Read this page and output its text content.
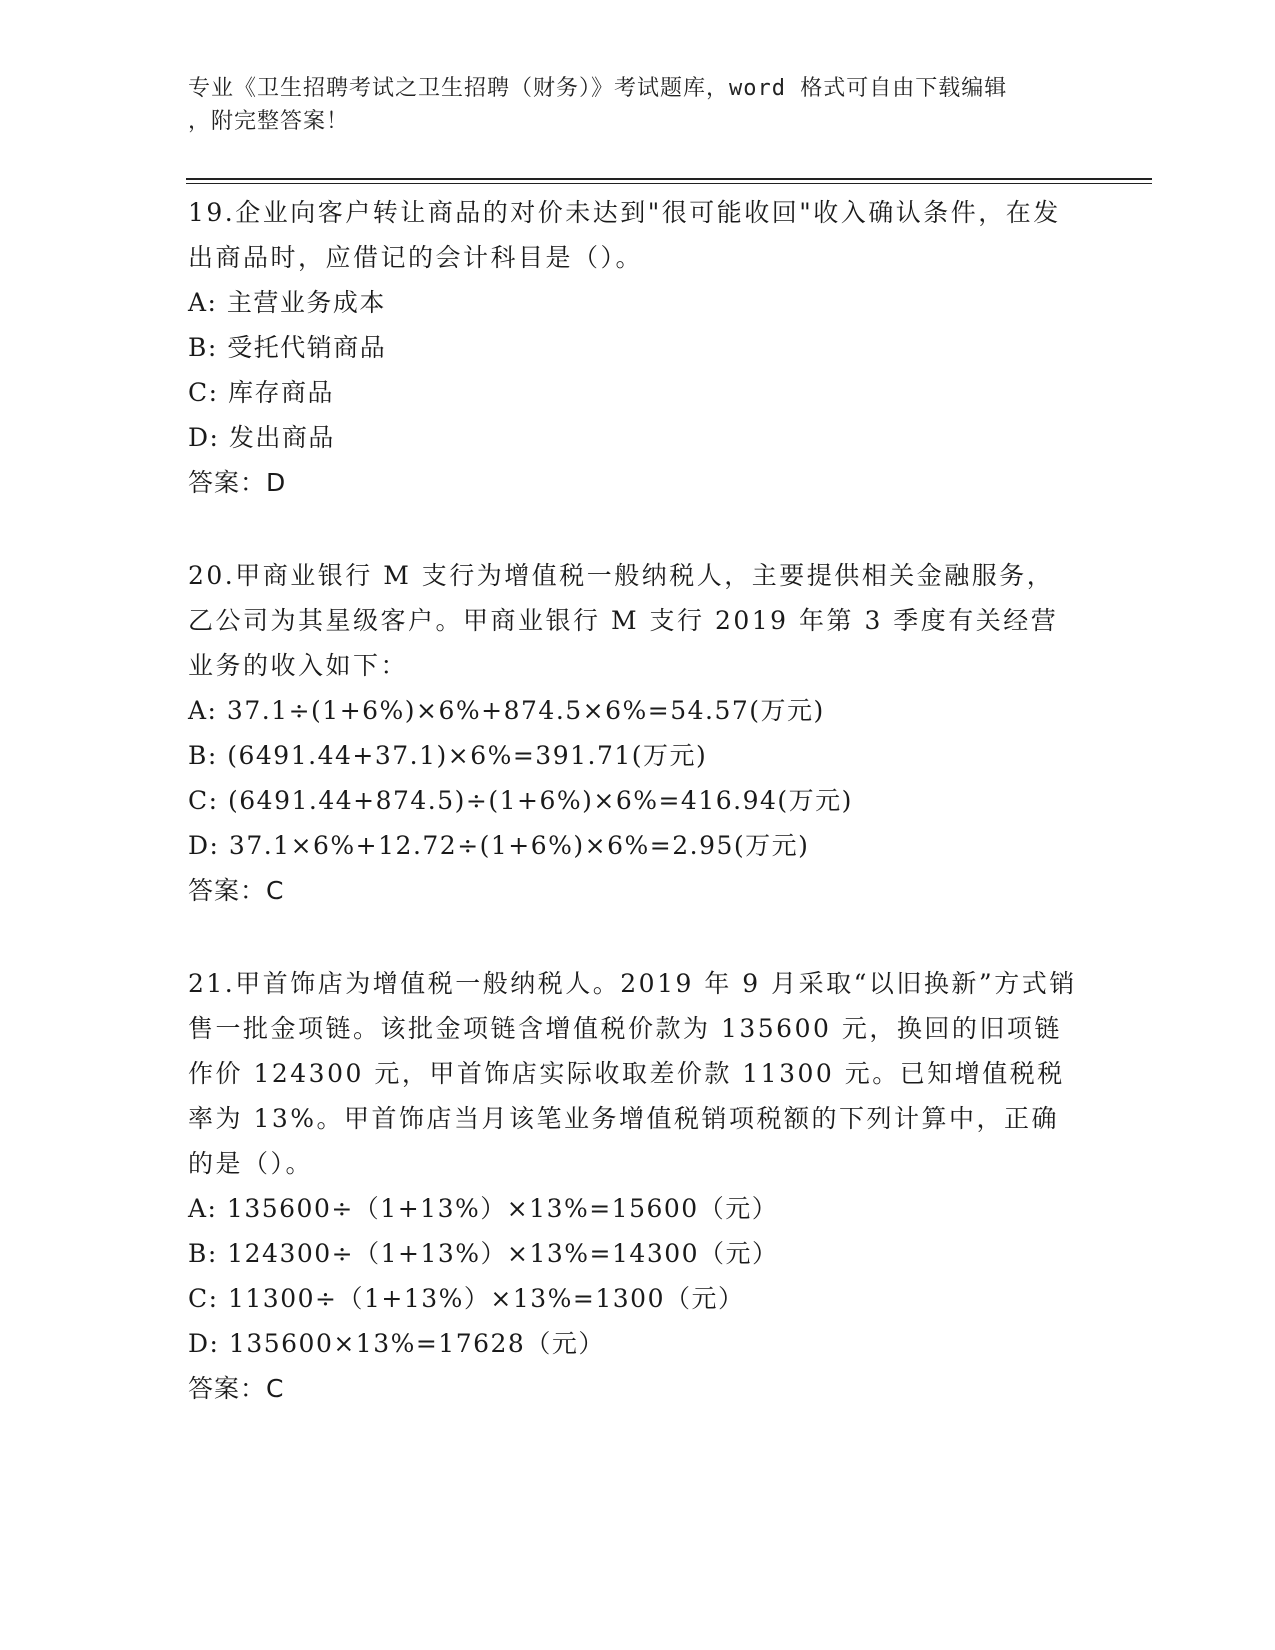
专业《卫生招聘考试之卫生招聘（财务）》考试题库，word 格式可自由下载编辑
，附完整答案！

19.企业向客户转让商品的对价未达到"很可能收回"收入确认条件，在发出商品时，应借记的会计科目是（）。

A: 主营业务成本

B: 受托代销商品

C: 库存商品

D: 发出商品

答案：D

20.甲商业银行 M 支行为增值税一般纳税人，主要提供相关金融服务，乙公司为其星级客户。甲商业银行 M 支行 2019 年第 3 季度有关经营业务的收入如下：

A: 37.1÷(1+6%)×6%+874.5×6%=54.57(万元)

B: (6491.44+37.1)×6%=391.71(万元)

C: (6491.44+874.5)÷(1+6%)×6%=416.94(万元)

D: 37.1×6%+12.72÷(1+6%)×6%=2.95(万元)

答案：C

21.甲首饰店为增值税一般纳税人。2019 年 9 月采取“以旧换新”方式销售一批金项链。该批金项链含增值税价款为 135600 元，换回的旧项链作价 124300 元，甲首饰店实际收取差价款 11300 元。已知增值税税率为 13%。甲首饰店当月该笔业务增值税销项税额的下列计算中，正确的是（）。

A: 135600÷（1+13%）×13%=15600（元）

B: 124300÷（1+13%）×13%=14300（元）

C: 11300÷（1+13%）×13%=1300（元）

D: 135600×13%=17628（元）

答案：C
